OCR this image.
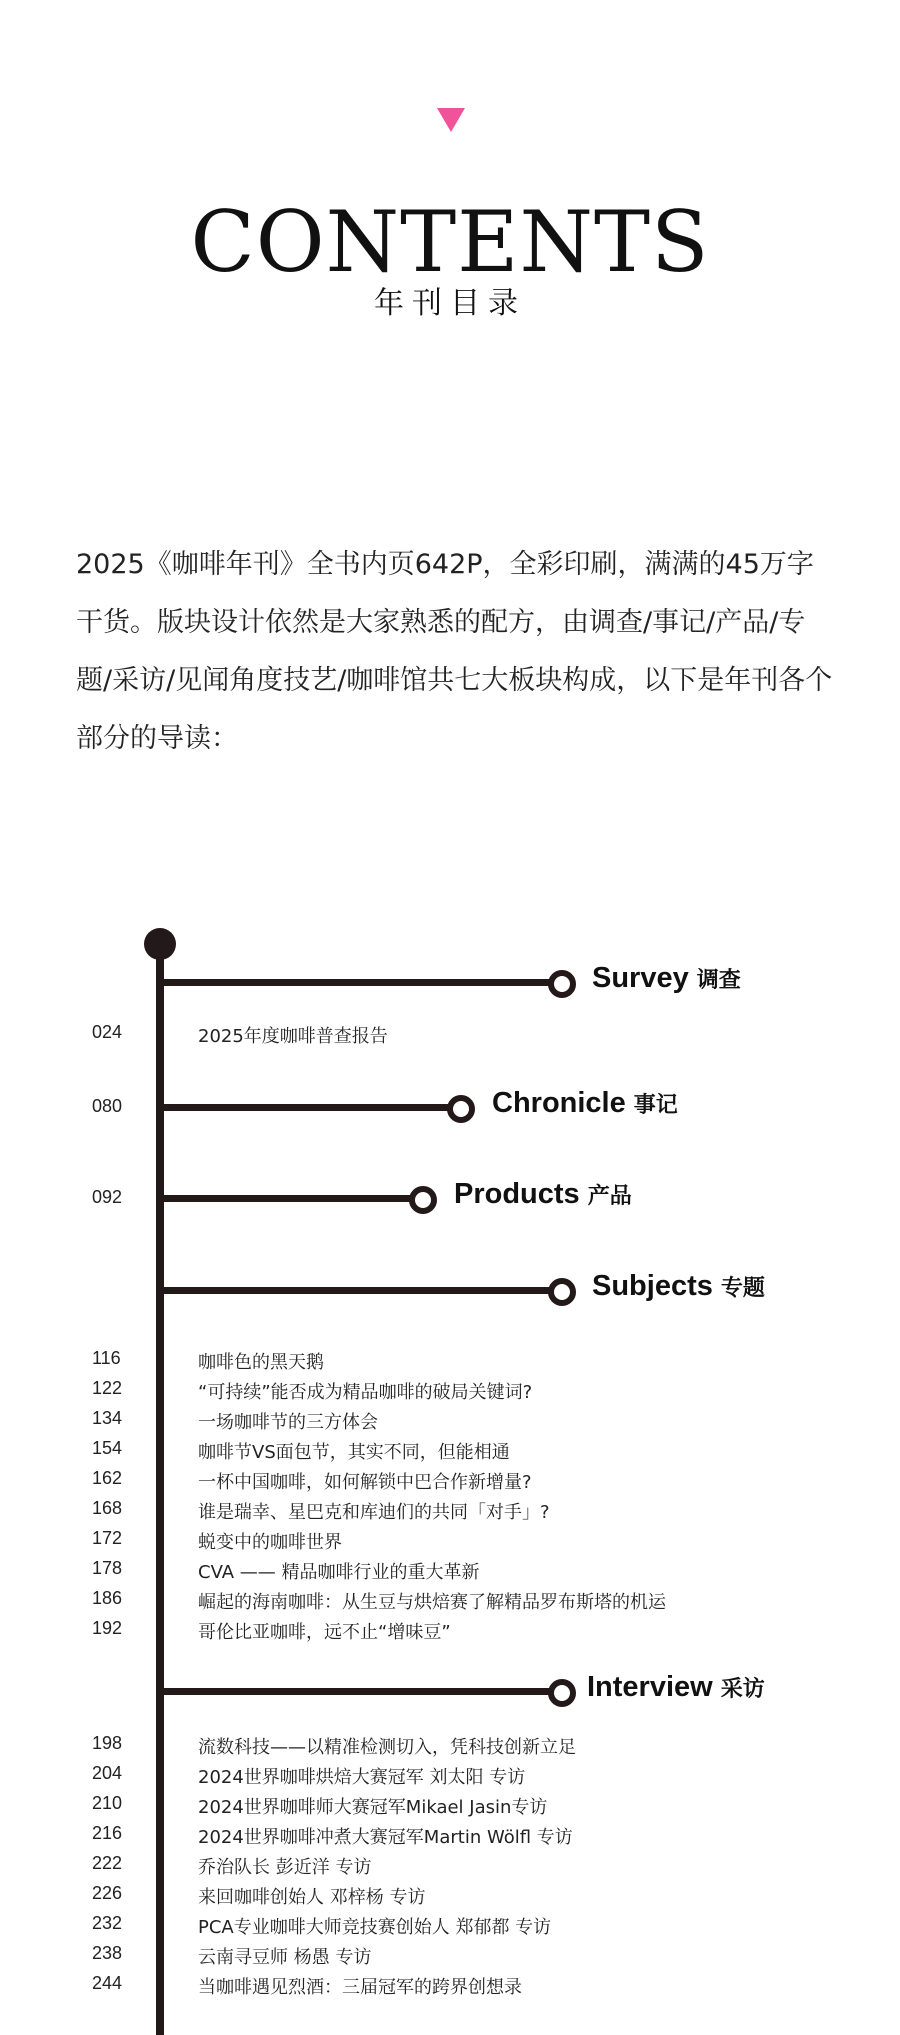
CONTENTS
年刊目录

2025《咖啡年刊》全书内页642P，全彩印刷，满满的45万字干货。版块设计依然是大家熟悉的配方，由调查/事记/产品/专题/采访/见闻角度技艺/咖啡馆共七大板块构成，以下是年刊各个部分的导读：

Survey 调查
024	2025年度咖啡普查报告
Chronicle 事记
080
Products 产品
092
Subjects 专题
116	咖啡色的黑天鹅
122	“可持续”能否成为精品咖啡的破局关键词?
134	一场咖啡节的三方体会
154	咖啡节VS面包节，其实不同，但能相通
162	一杯中国咖啡，如何解锁中巴合作新增量?
168	谁是瑞幸、星巴克和库迪们的共同「对手」?
172	蜕变中的咖啡世界
178	CVA —— 精品咖啡行业的重大革新
186	崛起的海南咖啡：从生豆与烘焙赛了解精品罗布斯塔的机运
192	哥伦比亚咖啡，远不止“增味豆”
Interview 采访
198	流数科技——以精准检测切入，凭科技创新立足
204	2024世界咖啡烘焙大赛冠军 刘太阳 专访
210	2024世界咖啡师大赛冠军Mikael Jasin专访
216	2024世界咖啡冲煮大赛冠军Martin Wölfl 专访
222	乔治队长 彭近洋 专访
226	来回咖啡创始人 邓梓杨 专访
232	PCA专业咖啡大师竞技赛创始人 郑郁都 专访
238	云南寻豆师 杨愚 专访
244	当咖啡遇见烈酒：三届冠军的跨界创想录
